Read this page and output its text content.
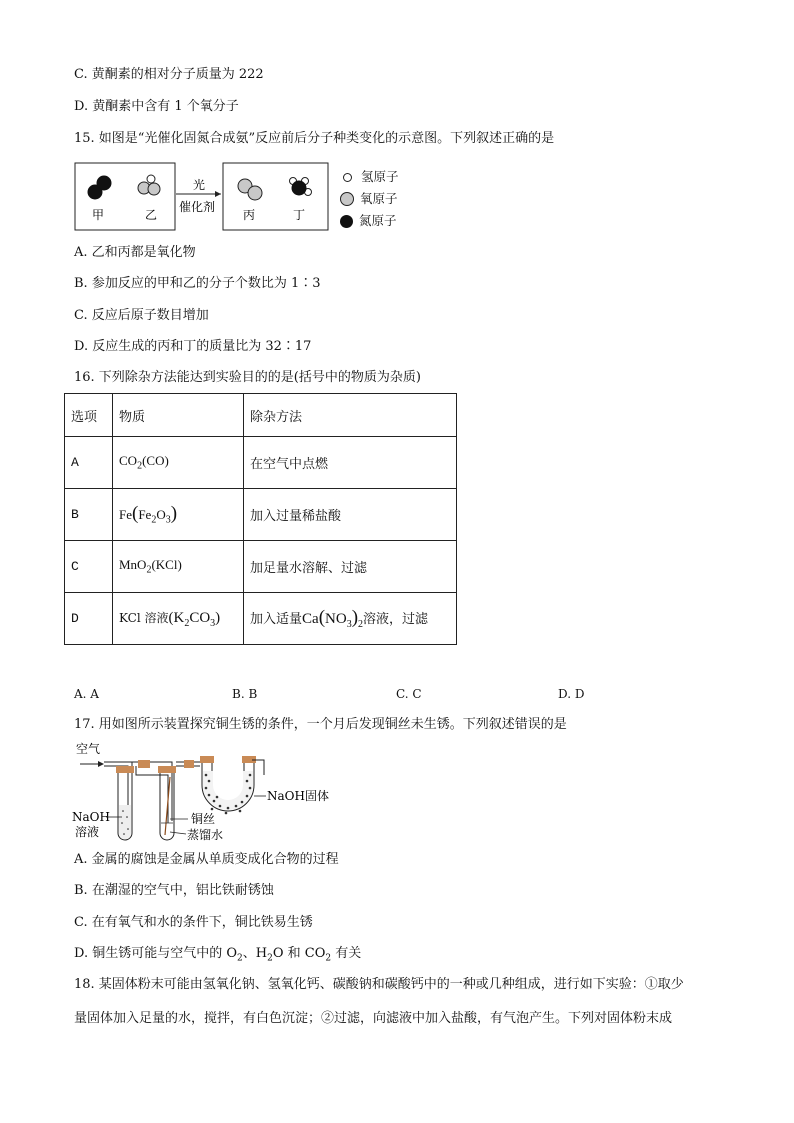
C. 黄酮素的相对分子质量为 222
D. 黄酮素中含有 1 个氧分子
15. 如图是“光催化固氮合成氨”反应前后分子种类变化的示意图。下列叙述正确的是
甲	乙
光
催化剂
丙	丁
氢原子
氧原子
氮原子
A. 乙和丙都是氧化物
B. 参加反应的甲和乙的分子个数比为 1∶3
C. 反应后原子数目增加
D. 反应生成的丙和丁的质量比为 32∶17
16. 下列除杂方法能达到实验目的的是(括号中的物质为杂质)
选项	物质	除杂方法
A	$CO_2(CO)$	在空气中点燃
B	$Fe(Fe_2O_3)$	加入过量稀盐酸
C	MnO$_2$(KCl)	加足量水溶解、过滤
D	KCl 溶液$(K_2CO_3)$	加入适量$Ca(NO_3)_2$溶液，过滤
A. A	B. B	C. C	D. D
17. 用如图所示装置探究铜生锈的条件，一个月后发现铜丝未生锈。下列叙述错误的是
空气
NaOH固体
NaOH
溶液
铜丝
蒸馏水
A. 金属的腐蚀是金属从单质变成化合物的过程
B. 在潮湿的空气中，铝比铁耐锈蚀
C. 在有氧气和水的条件下，铜比铁易生锈
D. 铜生锈可能与空气中的 $O_2$、$H_2O$ 和 $CO_2$ 有关
18. 某固体粉末可能由氢氧化钠、氢氧化钙、碳酸钠和碳酸钙中的一种或几种组成，进行如下实验：①取少
量固体加入足量的水，搅拌，有白色沉淀；②过滤，向滤液中加入盐酸，有气泡产生。下列对固体粉末成
